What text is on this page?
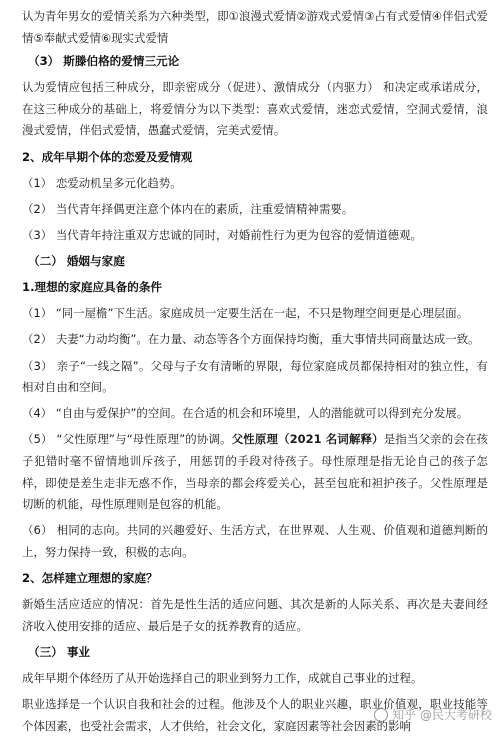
认为青年男女的爱情关系为六种类型，即①浪漫式爱情②游戏式爱情③占有式爱情④伴侣式爱情⑤奉献式爱情⑥现实式爱情

（3） 斯滕伯格的爱情三元论

认为爱情应包括三种成分，即亲密成分（促进）、激情成分（内驱力） 和决定或承诺成分，在这三种成分的基础上，将爱情分为以下类型：喜欢式爱情，迷恋式爱情，空洞式爱情，浪漫式爱情，伴侣式爱情，愚蠢式爱情，完美式爱情。

2、成年早期个体的恋爱及爱情观

（1） 恋爱动机呈多元化趋势。

（2） 当代青年择偶更注意个体内在的素质，注重爱情精神需要。

（3） 当代青年持注重双方忠诚的同时，对婚前性行为更为包容的爱情道德观。

（二） 婚姻与家庭
1.理想的家庭应具备的条件

（1） “同一屋檐”下生活。家庭成员一定要生活在一起，不只是物理空间更是心理层面。

（2） 夫妻“力动均衡”。在力量、动态等各个方面保持均衡，重大事情共同商量达成一致。

（3） 亲子“一线之隔”。父母与子女有清晰的界限，每位家庭成员都保持相对的独立性，有相对自由和空间。

（4） “自由与爱保护”的空间。在合适的机会和环境里，人的潜能就可以得到充分发展。

（5） “父性原理”与“母性原理”的协调。父性原理（2021 名词解释）是指当父亲的会在孩子犯错时毫不留情地训斥孩子，用惩罚的手段对待孩子。母性原理是指无论自己的孩子怎样，即使是差生走非无惑不作，当母亲的都会疼爱关心，甚至包庇和袒护孩子。父性原理是切断的机能，母性原理则是包容的机能。

（6） 相同的志向。共同的兴趣爱好、生活方式，在世界观、人生观、价值观和道德判断的上，努力保持一致，积极的志向。

2、怎样建立理想的家庭？

新婚生活应适应的情况：首先是性生活的适应问题、其次是新的人际关系、再次是夫妻间经济收入使用安排的适应、最后是子女的抚养教育的适应。

（三） 事业

成年早期个体经历了从开始选择自己的职业到努力工作，成就自己事业的过程。

职业选择是一个认识自我和社会的过程。他涉及个人的职业兴趣，职业价值观，职业技能等个体因素，也受社会需求，人才供给，社会文化，家庭因素等社会因素的影响

知乎 @民大考研校
